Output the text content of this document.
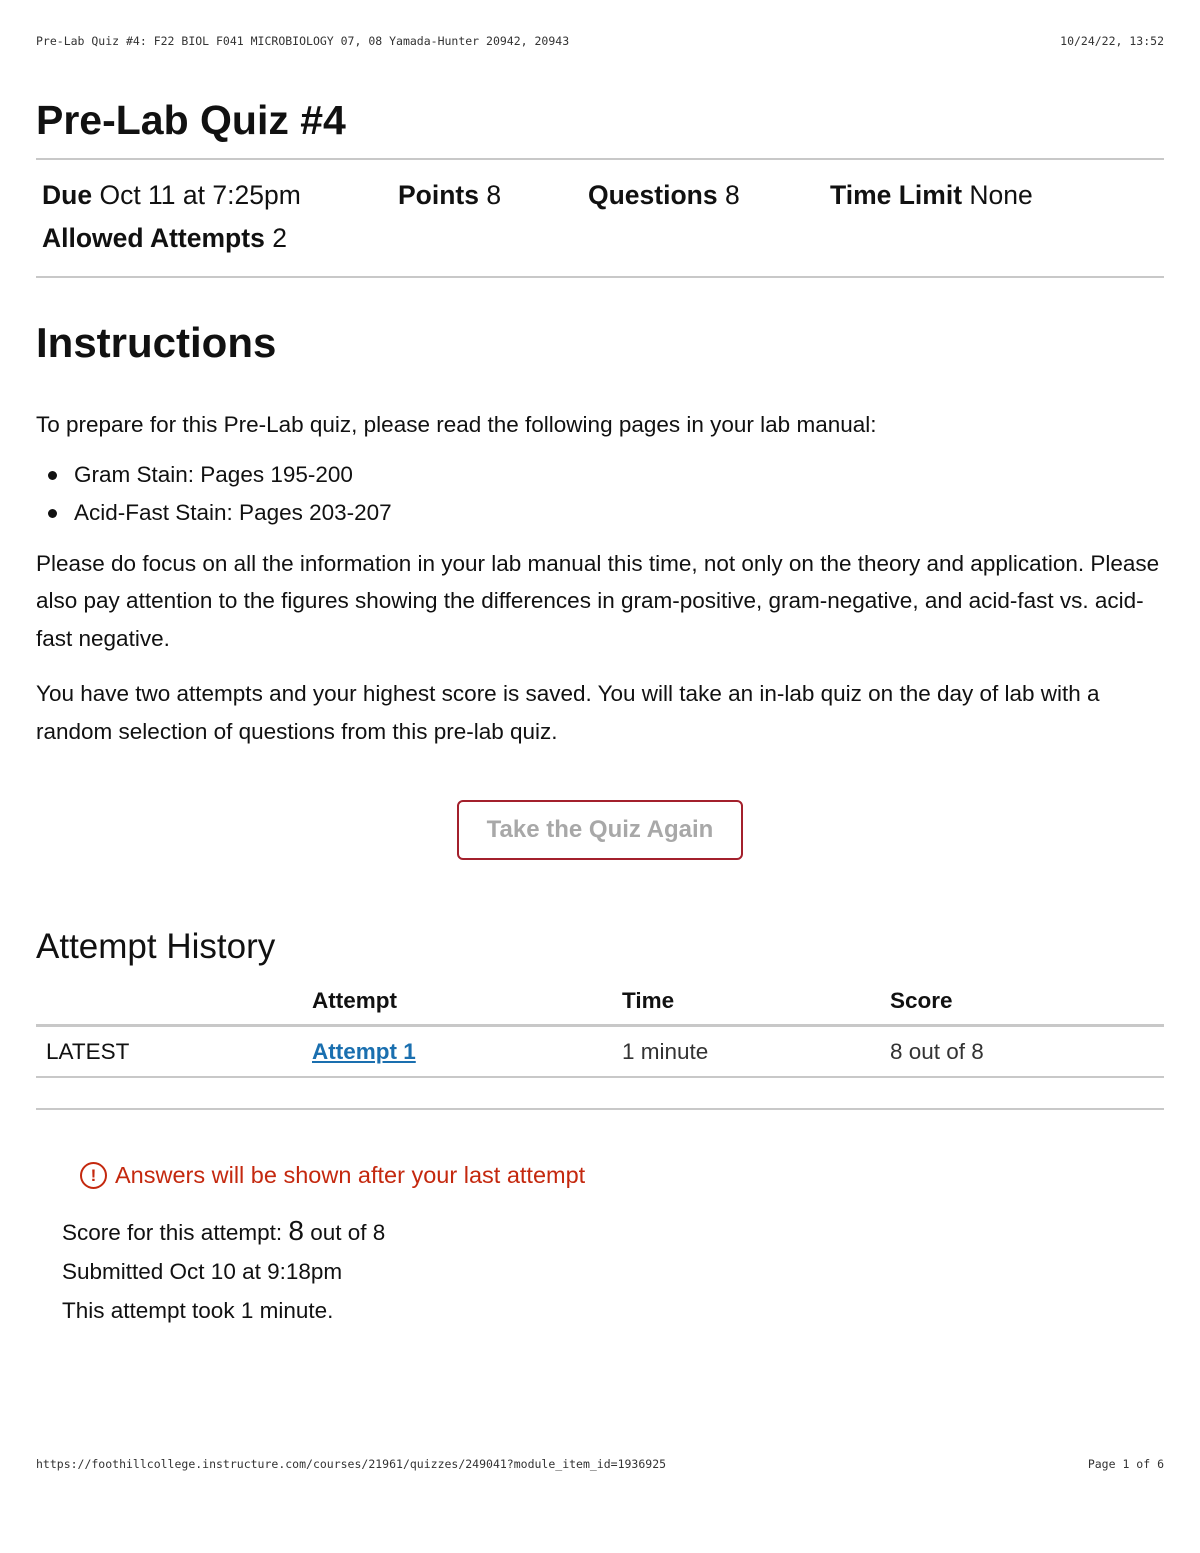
Pre-Lab Quiz #4: F22 BIOL F041 MICROBIOLOGY 07, 08 Yamada-Hunter 20942, 20943	10/24/22, 13:52
Pre-Lab Quiz #4
Due Oct 11 at 7:25pm	Points 8	Questions 8	Time Limit None
Allowed Attempts 2
Instructions

To prepare for this Pre-Lab quiz, please read the following pages in your lab manual:

Gram Stain: Pages 195-200
Acid-Fast Stain: Pages 203-207

Please do focus on all the information in your lab manual this time, not only on the theory and application. Please also pay attention to the figures showing the differences in gram-positive, gram-negative, and acid-fast vs. acid-fast negative.

You have two attempts and your highest score is saved. You will take an in-lab quiz on the day of lab with a random selection of questions from this pre-lab quiz.

Take the Quiz Again
Attempt History
	Attempt	Time	Score
LATEST	Attempt 1	1 minute	8 out of 8
! Answers will be shown after your last attempt
Score for this attempt: 8 out of 8
Submitted Oct 10 at 9:18pm
This attempt took 1 minute.
https://foothillcollege.instructure.com/courses/21961/quizzes/249041?module_item_id=1936925	Page 1 of 6
